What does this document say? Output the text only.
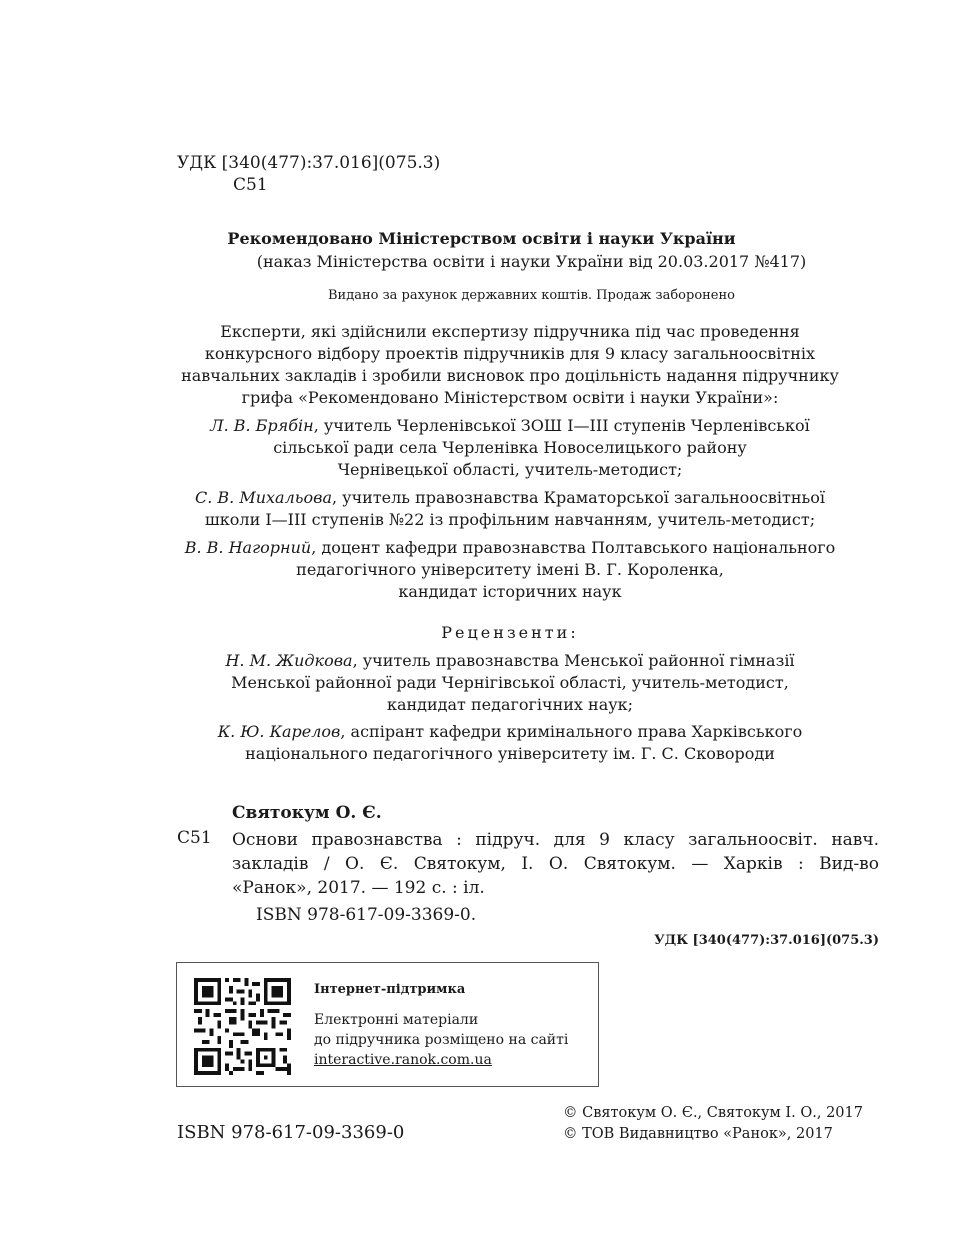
УДК [340(477):37.016](075.3)
С51
Рекомендовано Міністерством освіти і науки України
(наказ Міністерства освіти і науки України від 20.03.2017 №417)
Видано за рахунок державних коштів. Продаж заборонено
Експерти, які здійснили експертизу підручника під час проведення
конкурсного відбору проектів підручників для 9 класу загальноосвітніх
навчальних закладів і зробили висновок про доцільність надання підручнику
грифа «Рекомендовано Міністерством освіти і науки України»:
Л. В. Брябін, учитель Черленівської ЗОШ І—ІІІ ступенів Черленівської
сільської ради села Черленівка Новоселицького району
Чернівецької області, учитель-методист;
С. В. Михальова, учитель правознавства Краматорської загальноосвітньої
школи І—ІІІ ступенів №22 із профільним навчанням, учитель-методист;
В. В. Нагорний, доцент кафедри правознавства Полтавського національного
педагогічного університету імені В. Г. Короленка,
кандидат історичних наук
Рецензенти:
Н. М. Жидкова, учитель правознавства Менської районної гімназії
Менської районної ради Чернігівської області, учитель-методист,
кандидат педагогічних наук;
К. Ю. Карелов, аспірант кафедри кримінального права Харківського
національного педагогічного університету ім. Г. С. Сковороди
Святокум О. Є.
С51 Основи правознавства : підруч. для 9 класу загальноосвіт. навч.
закладів / О. Є. Святокум, І. О. Святокум. — Харків : Вид-во
«Ранок», 2017. — 192 с. : іл.
ISBN 978-617-09-3369-0.
УДК [340(477):37.016](075.3)
Інтернет-підтримка
Електронні матеріали
до підручника розміщено на сайті
interactive.ranok.com.ua
ISBN 978-617-09-3369-0
© Святокум О. Є., Святокум І. О., 2017
© ТОВ Видавництво «Ранок», 2017
